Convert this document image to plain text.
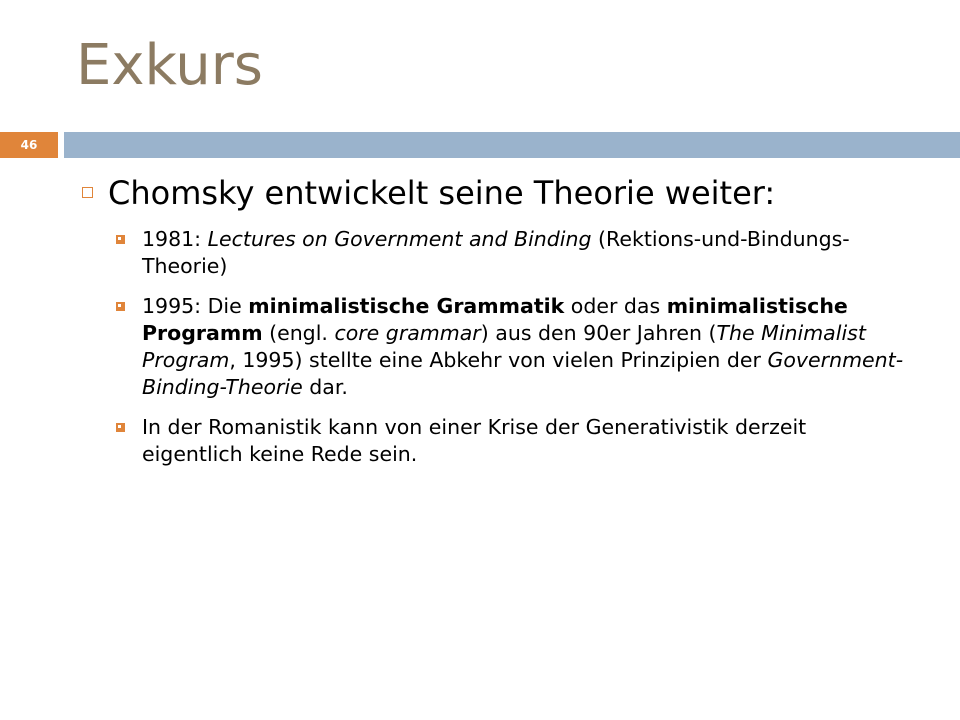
Exkurs
46
Chomsky entwickelt seine Theorie weiter:
1981: Lectures on Government and Binding (Rektions-und-Bindungs-Theorie)
1995: Die minimalistische Grammatik oder das minimalistische Programm (engl. core grammar) aus den 90er Jahren (The Minimalist Program, 1995) stellte eine Abkehr von vielen Prinzipien der Government-Binding-Theorie dar.
In der Romanistik kann von einer Krise der Generativistik derzeit eigentlich keine Rede sein.
